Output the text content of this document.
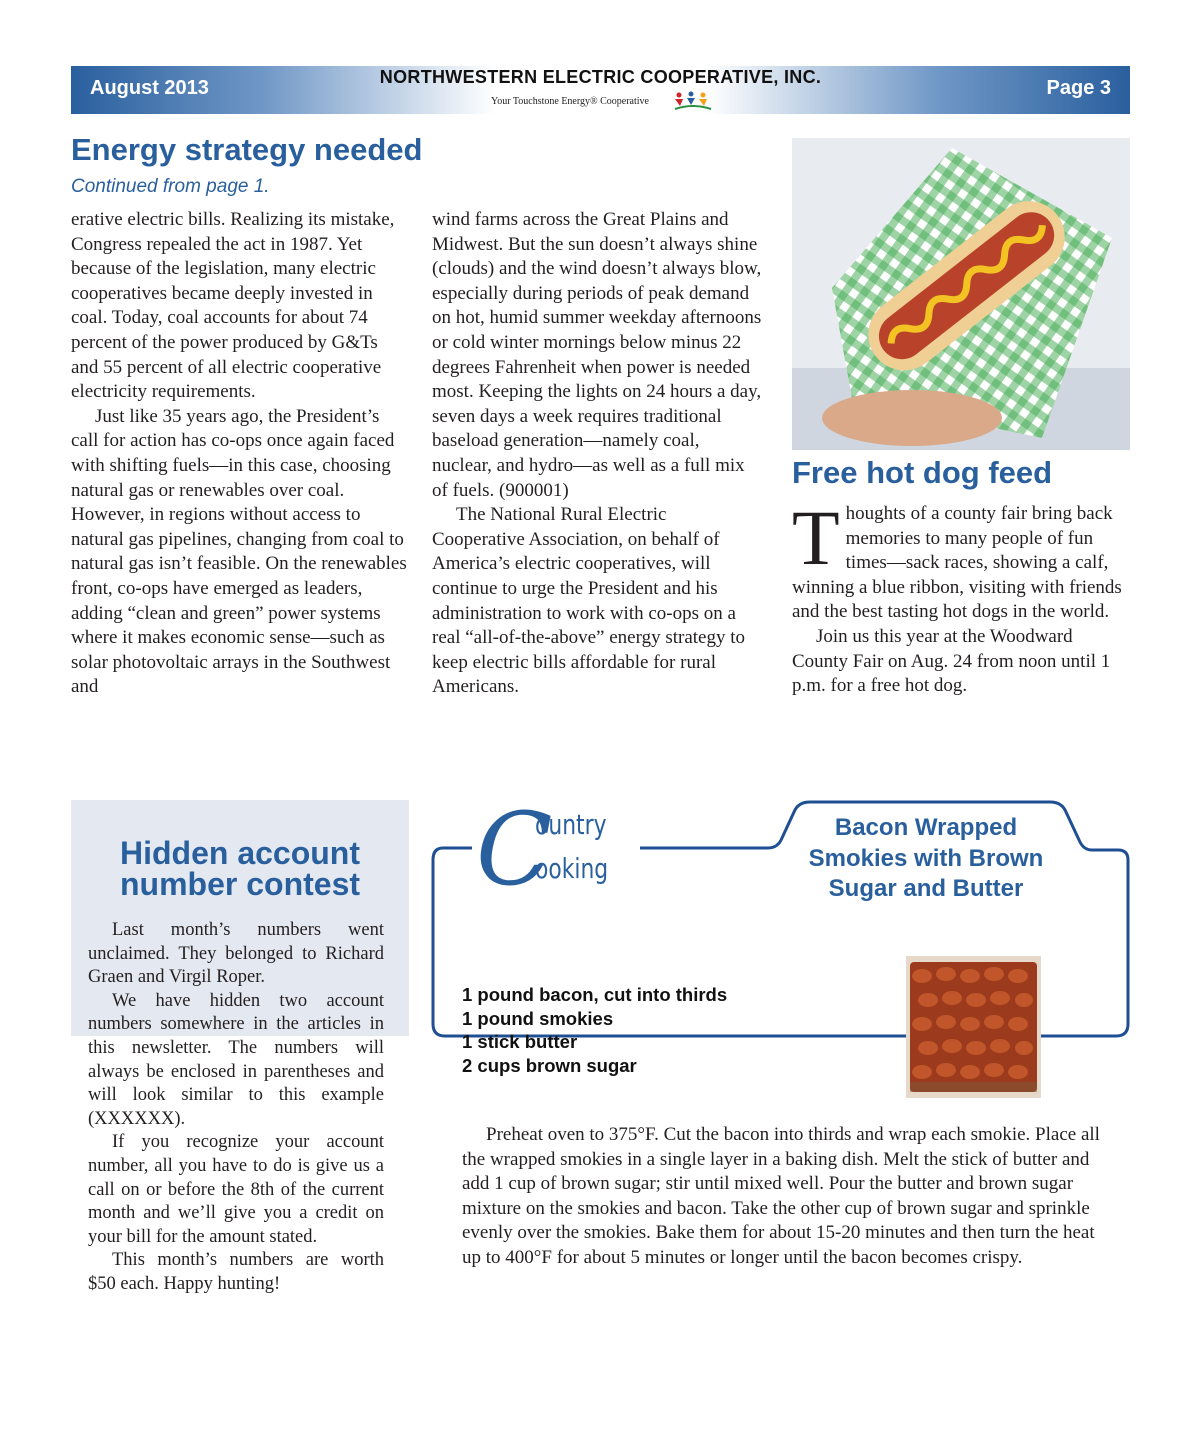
August 2013	NORTHWESTERN ELECTRIC COOPERATIVE, INC.
Your Touchstone Energy® Cooperative
Page 3
Energy strategy needed
Continued from page 1.

erative electric bills. Realizing its mistake, Congress repealed the act in 1987. Yet because of the legislation, many electric cooperatives became deeply invested in coal. Today, coal accounts for about 74 percent of the power produced by G&Ts and 55 percent of all electric cooperative electricity requirements.

Just like 35 years ago, the President’s call for action has co-ops once again faced with shifting fuels—in this case, choosing natural gas or renewables over coal. However, in regions without access to natural gas pipelines, changing from coal to natural gas isn’t feasible. On the renewables front, co-ops have emerged as leaders, adding “clean and green” power systems where it makes economic sense—such as solar photovoltaic arrays in the Southwest and

wind farms across the Great Plains and Midwest. But the sun doesn’t always shine (clouds) and the wind doesn’t always blow, especially during periods of peak demand on hot, humid summer weekday afternoons or cold winter mornings below minus 22 degrees Fahrenheit when power is needed most. Keeping the lights on 24 hours a day, seven days a week requires traditional baseload generation—namely coal, nuclear, and hydro—as well as a full mix of fuels. (900001)

The National Rural Electric Cooperative Association, on behalf of America’s electric cooperatives, will continue to urge the President and his administration to work with co-ops on a real “all-of-the-above” energy strategy to keep electric bills affordable for rural Americans.

Free hot dog feed

Thoughts of a county fair bring back memories to many people of fun times—sack races, showing a calf, winning a blue ribbon, visiting with friends and the best tasting hot dogs in the world.

Join us this year at the Woodward County Fair on Aug. 24 from noon until 1 p.m. for a free hot dog.

Hidden account
number contest

Last month’s numbers went unclaimed. They belonged to Richard Graen and Virgil Roper.

We have hidden two account numbers somewhere in the articles in this newsletter. The numbers will always be enclosed in parentheses and will look similar to this example (XXXXXX).

If you recognize your account number, all you have to do is give us a call on or before the 8th of the current month and we’ll give you a credit on your bill for the amount stated.

This month’s numbers are worth $50 each. Happy hunting!

C
ountry
ooking
Bacon Wrapped Smokies with Brown Sugar and Butter
1 pound bacon, cut into thirds
1 pound smokies
1 stick butter
2 cups brown sugar

Preheat oven to 375°F. Cut the bacon into thirds and wrap each smokie. Place all the wrapped smokies in a single layer in a baking dish. Melt the stick of butter and add 1 cup of brown sugar; stir until mixed well. Pour the butter and brown sugar mixture on the smokies and bacon. Take the other cup of brown sugar and sprinkle evenly over the smokies. Bake them for about 15-20 minutes and then turn the heat up to 400°F for about 5 minutes or longer until the bacon becomes crispy.
